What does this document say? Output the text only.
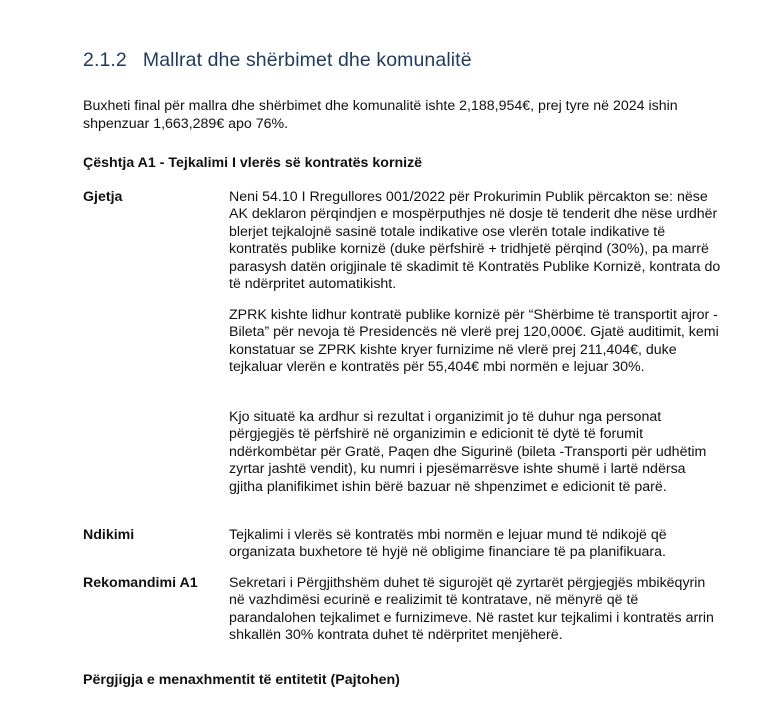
2.1.2 Mallrat dhe shërbimet dhe komunalitë
Buxheti final për mallra dhe shërbimet dhe komunalitë ishte 2,188,954€, prej tyre në 2024 ishin shpenzuar 1,663,289€ apo 76%.
Çështja A1 - Tejkalimi I vlerës së kontratës kornizë
Gjetja	Neni 54.10 I Rregullores 001/2022 për Prokurimin Publik përcakton se: nëse AK deklaron përqindjen e mospërputhjes në dosje të tenderit dhe nëse urdhër blerjet tejkalojnë sasinë totale indikative ose vlerën totale indikative të kontratës publike kornizë (duke përfshirë + tridhjetë përqind (30%), pa marrë parasysh datën origjinale të skadimit të Kontratës Publike Kornizë, kontrata do të ndërpritet automatikisht.
ZPRK kishte lidhur kontratë publike kornizë për “Shërbime të transportit ajror -Bileta” për nevoja të Presidencës në vlerë prej 120,000€. Gjatë auditimit, kemi konstatuar se ZPRK kishte kryer furnizime në vlerë prej 211,404€, duke tejkaluar vlerën e kontratës për 55,404€ mbi normën e lejuar 30%.
Kjo situatë ka ardhur si rezultat i organizimit jo të duhur nga personat përgjegjës të përfshirë në organizimin e edicionit të dytë të forumit ndërkombëtar për Gratë, Paqen dhe Sigurinë (bileta -Transporti për udhëtim zyrtar jashtë vendit), ku numri i pjesëmarrësve ishte shumë i lartë ndërsa gjitha planifikimet ishin bërë bazuar në shpenzimet e edicionit të parë.
Ndikimi	Tejkalimi i vlerës së kontratës mbi normën e lejuar mund të ndikojë që organizata buxhetore të hyjë në obligime financiare të pa planifikuara.
Rekomandimi A1 Sekretari i Përgjithshëm duhet të sigurojët që zyrtarët përgjegjës mbikëqyrin në vazhdimësi ecurinë e realizimit të kontratave, në mënyrë që të parandalohen tejkalimet e furnizimeve. Në rastet kur tejkalimi i kontratës arrin shkallën 30% kontrata duhet të ndërpritet menjëherë.
Përgjigja e menaxhmentit të entitetit (Pajtohen)
